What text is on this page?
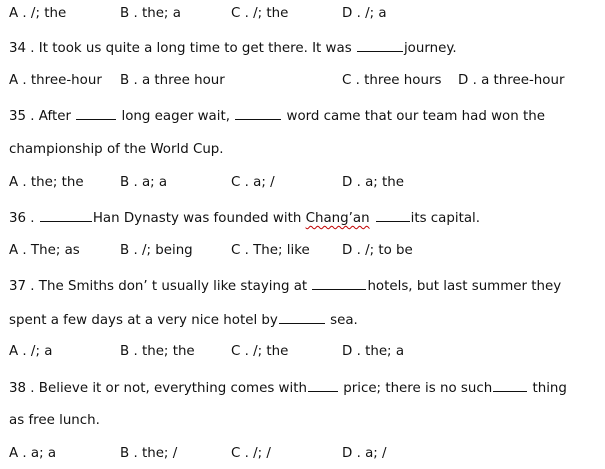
A . /; the	B . the; a	C . /; the	D . /; a
34 . It took us quite a long time to get there. It was	journey.
A . three-hour B . a three hour	C . three hours D . a three-hour
35 . After	long eager wait,	word came that our team had won the
championship of the World Cup.
A . the; the	B . a; a	C . a; /	D . a; the
36 .	Han Dynasty was founded with Chang’an	its capital.
A . The; as	B . /; being	C . The; like D . /; to be
37 . The Smiths don’ t usually like staying at	hotels, but last summer they
spent a few days at a very nice hotel by	sea.
A . /; a	B . the; the	C . /; the	D . the; a
38 . Believe it or not, everything comes with price; there is no such	thing
as free lunch.
A . a; a	B . the; /	C . /; /	D . a; /
